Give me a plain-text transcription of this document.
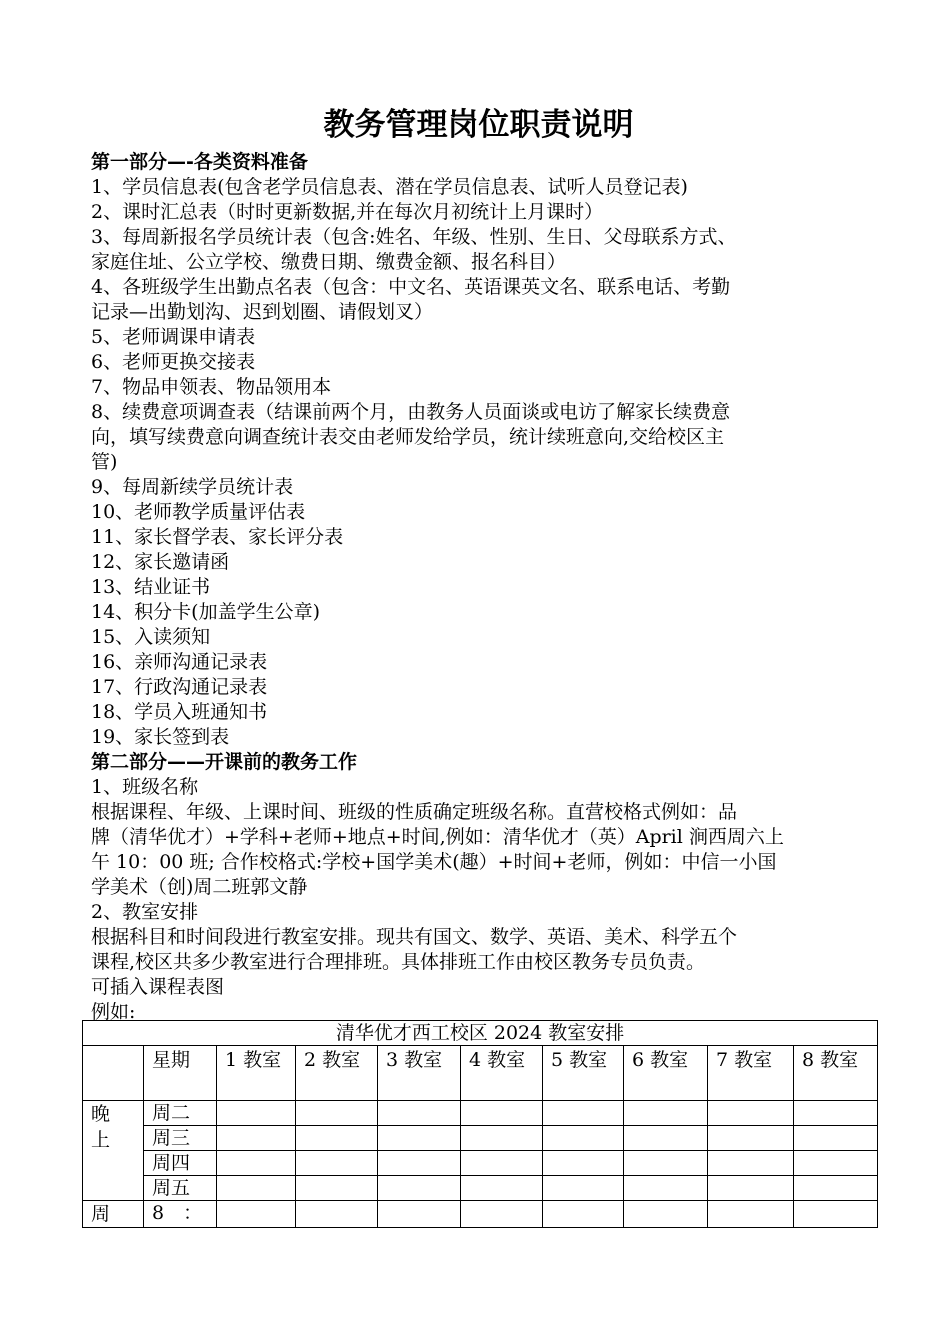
教务管理岗位职责说明

第一部分—-各类资料准备

1、学员信息表(包含老学员信息表、潜在学员信息表、试听人员登记表)

2、课时汇总表（时时更新数据,并在每次月初统计上月课时）

3、每周新报名学员统计表（包含:姓名、年级、性别、生日、父母联系方式、

家庭住址、公立学校、缴费日期、缴费金额、报名科目）

4、各班级学生出勤点名表（包含：中文名、英语课英文名、联系电话、考勤

记录—出勤划沟、迟到划圈、请假划叉）

5、老师调课申请表

6、老师更换交接表

7、物品申领表、物品领用本

8、续费意项调查表（结课前两个月，由教务人员面谈或电访了解家长续费意

向，填写续费意向调查统计表交由老师发给学员，统计续班意向,交给校区主

管)

9、每周新续学员统计表

10、老师教学质量评估表

11、家长督学表、家长评分表

12、家长邀请函

13、结业证书

14、积分卡(加盖学生公章)

15、入读须知

16、亲师沟通记录表

17、行政沟通记录表

18、学员入班通知书

19、家长签到表

第二部分——开课前的教务工作

1、班级名称

根据课程、年级、上课时间、班级的性质确定班级名称。直营校格式例如：品

牌（清华优才）+学科+老师+地点+时间,例如：清华优才（英）April 涧西周六上

午 10：00 班; 合作校格式:学校+国学美术(趣）+时间+老师，例如：中信一小国

学美术（创)周二班郭文静

2、教室安排

根据科目和时间段进行教室安排。现共有国文、数学、英语、美术、科学五个

课程,校区共多少教室进行合理排班。具体排班工作由校区教务专员负责。

可插入课程表图

例如:

清华优才西工校区 2024 教室安排									
	星期	1 教室	2 教室	3 教室	4 教室	5 教室	6 教室	7 教室	8 教室
晚上	周二								
	周三								
	周四								
	周五								
周	8　：								
